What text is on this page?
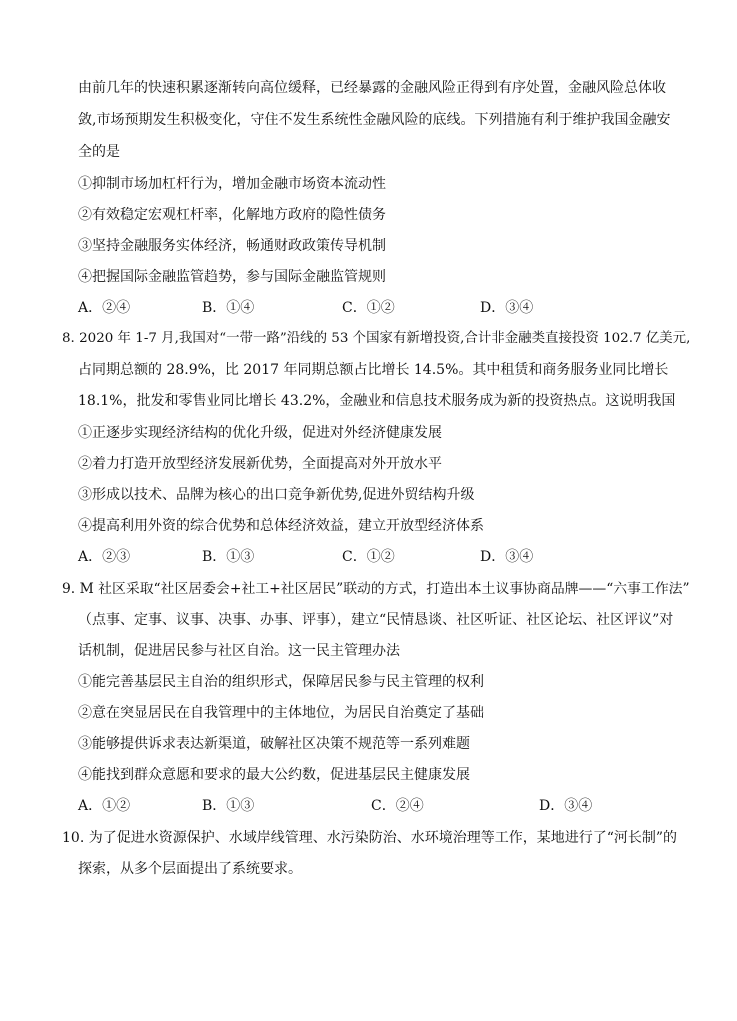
由前几年的快速积累逐渐转向高位缓释，已经暴露的金融风险正得到有序处置，金融风险总体收
敛,市场预期发生积极变化，守住不发生系统性金融风险的底线。下列措施有利于维护我国金融安
全的是
①抑制市场加杠杆行为，增加金融市场资本流动性
②有效稳定宏观杠杆率，化解地方政府的隐性债务
③坚持金融服务实体经济，畅通财政政策传导机制
④把握国际金融监管趋势，参与国际金融监管规则
A．②④	B．①④	C．①②	D．③④
8. 2020 年 1-7 月,我国对“一带一路”沿线的 53 个国家有新增投资,合计非金融类直接投资 102.7 亿美元,
占同期总额的 28.9%，比 2017 年同期总额占比增长 14.5%。其中租赁和商务服务业同比增长
18.1%，批发和零售业同比增长 43.2%，金融业和信息技术服务成为新的投资热点。这说明我国
①正逐步实现经济结构的优化升级，促进对外经济健康发展
②着力打造开放型经济发展新优势，全面提高对外开放水平
③形成以技术、品牌为核心的出口竞争新优势,促进外贸结构升级
④提高利用外资的综合优势和总体经济效益，建立开放型经济体系
A．②③	B．①③	C．①②	D．③④
9. M 社区采取“社区居委会+社工+社区居民”联动的方式，打造出本土议事协商品牌——“六事工作法”
（点事、定事、议事、决事、办事、评事），建立“民情恳谈、社区听证、社区论坛、社区评议”对
话机制，促进居民参与社区自治。这一民主管理办法
①能完善基层民主自治的组织形式，保障居民参与民主管理的权利
②意在突显居民在自我管理中的主体地位，为居民自治奠定了基础
③能够提供诉求表达新渠道，破解社区决策不规范等一系列难题
④能找到群众意愿和要求的最大公约数，促进基层民主健康发展
A．①②	B．①③	C．②④	D．③④
10. 为了促进水资源保护、水域岸线管理、水污染防治、水环境治理等工作，某地进行了“河长制”的
探索，从多个层面提出了系统要求。
